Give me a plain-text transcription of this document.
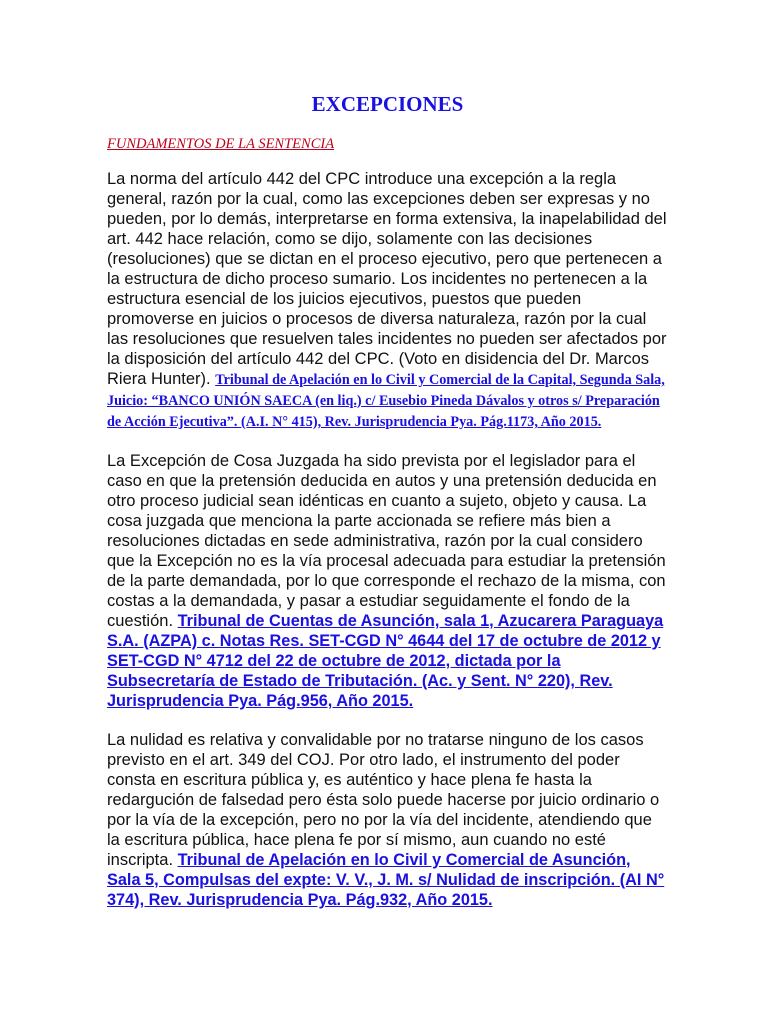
EXCEPCIONES

FUNDAMENTOS DE LA SENTENCIA

La norma del artículo 442 del CPC introduce una excepción a la regla general, razón por la cual, como las excepciones deben ser expresas y no pueden, por lo demás, interpretarse en forma extensiva, la inapelabilidad del art. 442 hace relación, como se dijo, solamente con las decisiones (resoluciones) que se dictan en el proceso ejecutivo, pero que pertenecen a la estructura de dicho proceso sumario. Los incidentes no pertenecen a la estructura esencial de los juicios ejecutivos, puestos que pueden promoverse en juicios o procesos de diversa naturaleza, razón por la cual las resoluciones que resuelven tales incidentes no pueden ser afectados por la disposición del artículo 442 del CPC. (Voto en disidencia del Dr. Marcos Riera Hunter). Tribunal de Apelación en lo Civil y Comercial de la Capital, Segunda Sala, Juicio: “BANCO UNIÓN SAECA (en liq.) c/ Eusebio Pineda Dávalos y otros s/ Preparación de Acción Ejecutiva”. (A.I. N° 415), Rev. Jurisprudencia Pya. Pág.1173, Año 2015.

La Excepción de Cosa Juzgada ha sido prevista por el legislador para el caso en que la pretensión deducida en autos y una pretensión deducida en otro proceso judicial sean idénticas en cuanto a sujeto, objeto y causa. La cosa juzgada que menciona la parte accionada se refiere más bien a resoluciones dictadas en sede administrativa, razón por la cual considero que la Excepción no es la vía procesal adecuada para estudiar la pretensión de la parte demandada, por lo que corresponde el rechazo de la misma, con costas a la demandada, y pasar a estudiar seguidamente el fondo de la cuestión. Tribunal de Cuentas de Asunción, sala 1, Azucarera Paraguaya S.A. (AZPA) c. Notas Res. SET-CGD N° 4644 del 17 de octubre de 2012 y SET-CGD N° 4712 del 22 de octubre de 2012, dictada por la Subsecretaría de Estado de Tributación. (Ac. y Sent. N° 220), Rev. Jurisprudencia Pya. Pág.956, Año 2015.

La nulidad es relativa y convalidable por no tratarse ninguno de los casos previsto en el art. 349 del COJ. Por otro lado, el instrumento del poder consta en escritura pública y, es auténtico y hace plena fe hasta la redargución de falsedad pero ésta solo puede hacerse por juicio ordinario o por la vía de la excepción, pero no por la vía del incidente, atendiendo que la escritura pública, hace plena fe por sí mismo, aun cuando no esté inscripta. Tribunal de Apelación en lo Civil y Comercial de Asunción, Sala 5, Compulsas del expte: V. V., J. M. s/ Nulidad de inscripción. (AI N° 374), Rev. Jurisprudencia Pya. Pág.932, Año 2015.
